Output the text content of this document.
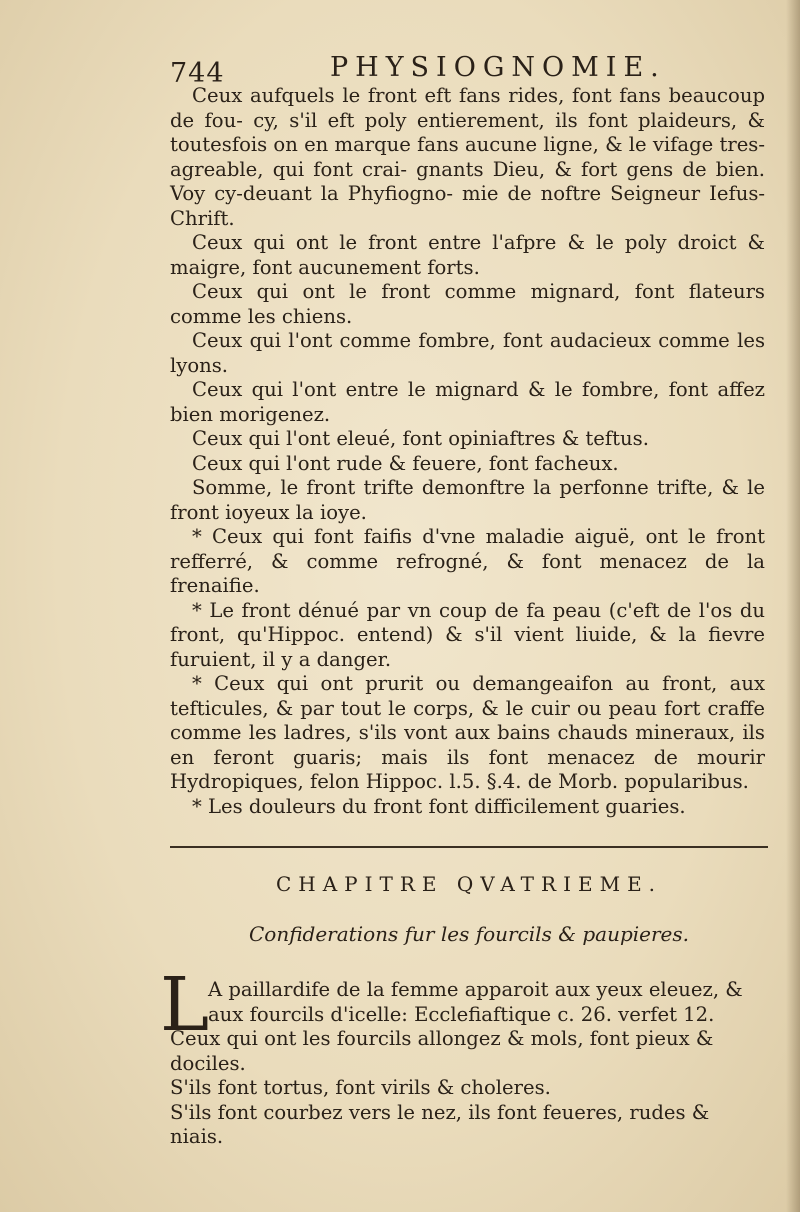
744	PHYSIOGNOMIE.

Ceux aufquels le front eft fans rides, font fans beaucoup de fou- cy, s'il eft poly entierement, ils font plaideurs, & toutesfois on en marque fans aucune ligne, & le vifage tres-agreable, qui font crai- gnants Dieu, & fort gens de bien. Voy cy-deuant la Phyfiogno- mie de noftre Seigneur Iefus-Chrift.

Ceux qui ont le front entre l'afpre & le poly droict & maigre, font aucunement forts.

Ceux qui ont le front comme mignard, font flateurs comme les chiens.

Ceux qui l'ont comme fombre, font audacieux comme les lyons.

Ceux qui l'ont entre le mignard & le fombre, font affez bien morigenez.

Ceux qui l'ont eleué, font opiniaftres & teftus.

Ceux qui l'ont rude & feuere, font facheux.

Somme, le front trifte demonftre la perfonne trifte, & le front ioyeux la ioye.

* Ceux qui font faifis d'vne maladie aiguë, ont le front refferré, & comme refrogné, & font menacez de la frenaifie.

* Le front dénué par vn coup de fa peau (c'eft de l'os du front, qu'Hippoc. entend) & s'il vient liuide, & la fievre furuient, il y a danger.

* Ceux qui ont prurit ou demangeaifon au front, aux tefticules, & par tout le corps, & le cuir ou peau fort craffe comme les ladres, s'ils vont aux bains chauds mineraux, ils en feront guaris; mais ils font menacez de mourir Hydropiques, felon Hippoc. l.5. §.4. de Morb. popularibus.

* Les douleurs du front font difficilement guaries.

CHAPITRE QVATRIEME.
Confiderations fur les fourcils & paupieres.
L

A paillardife de la femme apparoit aux yeux eleuez, & aux fourcils d'icelle: Ecclefiaftique c. 26. verfet 12.

Ceux qui ont les fourcils allongez & mols, font pieux & dociles.

S'ils font tortus, font virils & choleres.

S'ils font courbez vers le nez, ils font feueres, rudes & niais.
